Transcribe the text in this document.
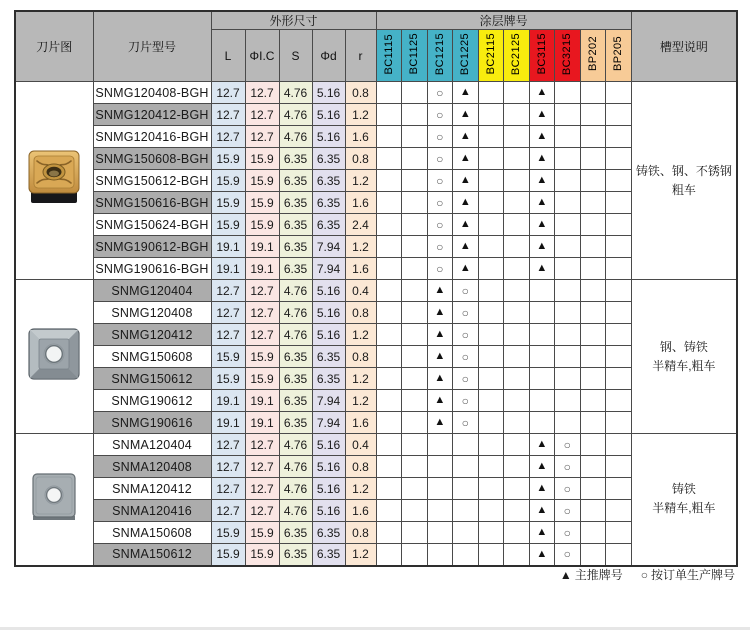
刀片图	刀片型号	外形尺寸					涂层牌号										槽型说明
		L	ΦI.C	S	Φd	r	BC1115	BC1125	BC1215	BC1225	BC2115	BC2125	BC3115	BC3215	BP202	BP205	
	SNMG120408-BGH	12.7	12.7	4.76	5.16	0.8			○	▲			▲				铸铁、钢、不锈钢
粗车

	SNMG120412-BGH	12.7	12.7	4.76	5.16	1.2			○	▲			▲				
	SNMG120416-BGH	12.7	12.7	4.76	5.16	1.6			○	▲			▲				
	SNMG150608-BGH	15.9	15.9	6.35	6.35	0.8			○	▲			▲				
	SNMG150612-BGH	15.9	15.9	6.35	6.35	1.2			○	▲			▲				
	SNMG150616-BGH	15.9	15.9	6.35	6.35	1.6			○	▲			▲				
	SNMG150624-BGH	15.9	15.9	6.35	6.35	2.4			○	▲			▲				
	SNMG190612-BGH	19.1	19.1	6.35	7.94	1.2			○	▲			▲				
	SNMG190616-BGH	19.1	19.1	6.35	7.94	1.6			○	▲			▲				
	SNMG120404	12.7	12.7	4.76	5.16	0.4			▲	○							钢、铸铁
半精车,粗车

	SNMG120408	12.7	12.7	4.76	5.16	0.8			▲	○							
	SNMG120412	12.7	12.7	4.76	5.16	1.2			▲	○							
	SNMG150608	15.9	15.9	6.35	6.35	0.8			▲	○							
	SNMG150612	15.9	15.9	6.35	6.35	1.2			▲	○							
	SNMG190612	19.1	19.1	6.35	7.94	1.2			▲	○							
	SNMG190616	19.1	19.1	6.35	7.94	1.6			▲	○							
	SNMA120404	12.7	12.7	4.76	5.16	0.4							▲	○			铸铁
半精车,粗车

	SNMA120408	12.7	12.7	4.76	5.16	0.8							▲	○			
	SNMA120412	12.7	12.7	4.76	5.16	1.2							▲	○			
	SNMA120416	12.7	12.7	4.76	5.16	1.6							▲	○			
	SNMA150608	15.9	15.9	6.35	6.35	0.8							▲	○			
	SNMA150612	15.9	15.9	6.35	6.35	1.2							▲	○			
▲ 主推牌号 ○ 按订单生产牌号
